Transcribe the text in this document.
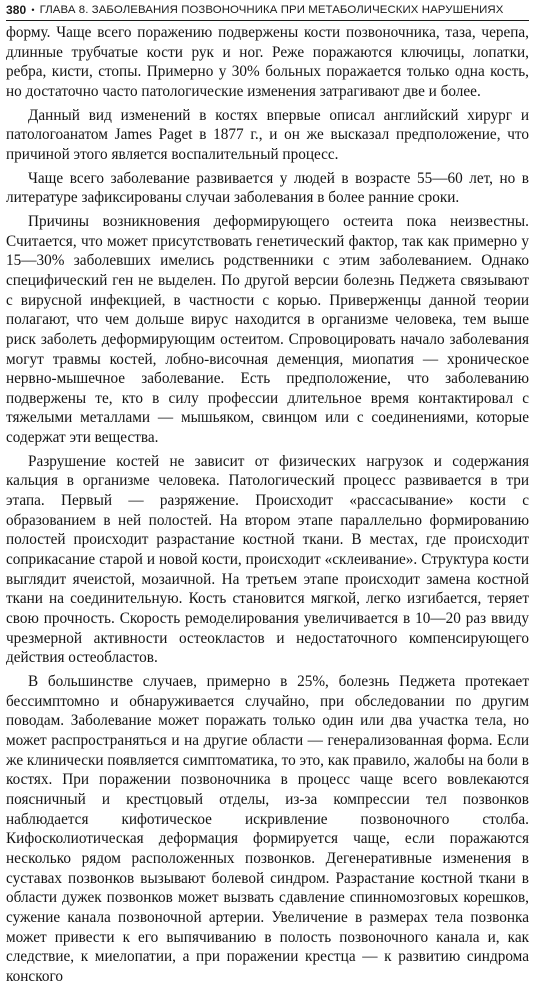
380 • ГЛАВА 8. ЗАБОЛЕВАНИЯ ПОЗВОНОЧНИКА ПРИ МЕТАБОЛИЧЕСКИХ НАРУШЕНИЯХ

форму. Чаще всего поражению подвержены кости позвоночника, таза, черепа, длинные трубчатые кости рук и ног. Реже поражаются ключицы, лопатки, ребра, кисти, стопы. Примерно у 30% больных поражается только одна кость, но достаточно часто патологические изменения затрагивают две и более.

Данный вид изменений в костях впервые описал английский хирург и патологоанатом James Paget в 1877 г., и он же высказал предположение, что причиной этого является воспалительный процесс.

Чаще всего заболевание развивается у людей в возрасте 55—60 лет, но в литературе зафиксированы случаи заболевания в более ранние сроки.

Причины возникновения деформирующего остеита пока неизвестны. Считается, что может присутствовать генетический фактор, так как примерно у 15—30% заболевших имелись родственники с этим заболеванием. Однако специфический ген не выделен. По другой версии болезнь Педжета связывают с вирусной инфекцией, в частности с корью. Приверженцы данной теории полагают, что чем дольше вирус находится в организме человека, тем выше риск заболеть деформирующим остеитом. Спровоцировать начало заболевания могут травмы костей, лобно-височная деменция, миопатия — хроническое нервно-мышечное заболевание. Есть предположение, что заболеванию подвержены те, кто в силу профессии длительное время контактировал с тяжелыми металлами — мышьяком, свинцом или с соединениями, которые содержат эти вещества.

Разрушение костей не зависит от физических нагрузок и содержания кальция в организме человека. Патологический процесс развивается в три этапа. Первый — разряжение. Происходит «рассасывание» кости с образованием в ней полостей. На втором этапе параллельно формированию полостей происходит разрастание костной ткани. В местах, где происходит соприкасание старой и новой кости, происходит «склеивание». Структура кости выглядит ячеистой, мозаичной. На третьем этапе происходит замена костной ткани на соединительную. Кость становится мягкой, легко изгибается, теряет свою прочность. Скорость ремоделирования увеличивается в 10—20 раз ввиду чрезмерной активности остеокластов и недостаточного компенсирующего действия остеобластов.

В большинстве случаев, примерно в 25%, болезнь Педжета протекает бессимптомно и обнаруживается случайно, при обследовании по другим поводам. Заболевание может поражать только один или два участка тела, но может распространяться и на другие области — генерализованная форма. Если же клинически появляется симптоматика, то это, как правило, жалобы на боли в костях. При поражении позвоночника в процесс чаще всего вовлекаются поясничный и крестцовый отделы, из-за компрессии тел позвонков наблюдается кифотическое искривление позвоночного столба. Кифосколиотическая деформация формируется чаще, если поражаются несколько рядом расположенных позвонков. Дегенеративные изменения в суставах позвонков вызывают болевой синдром. Разрастание костной ткани в области дужек позвонков может вызвать сдавление спинномозговых корешков, сужение канала позвоночной артерии. Увеличение в размерах тела позвонка может привести к его выпячиванию в полость позвоночного канала и, как следствие, к миелопатии, а при поражении крестца — к развитию синдрома конского
